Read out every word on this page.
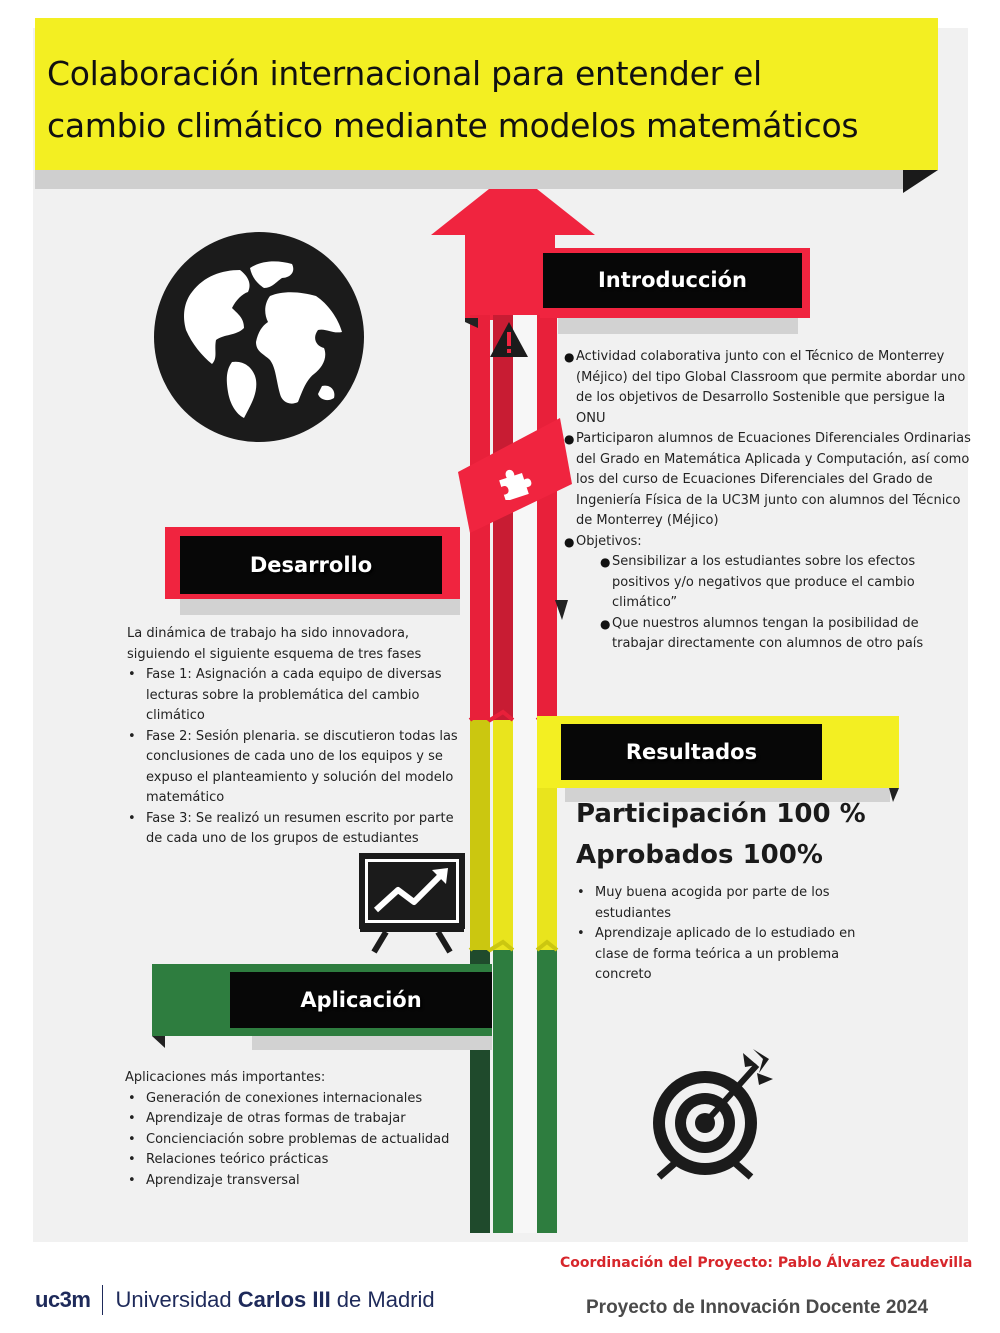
Colaboración internacional para entender el
cambio climático mediante modelos matemáticos
Introducción
Desarrollo
Resultados
Aplicación
● Actividad colaborativa junto con el Técnico de Monterrey (Méjico) del tipo Global Classroom que permite abordar uno de los objetivos de Desarrollo Sostenible que persigue la ONU
● Participaron alumnos de Ecuaciones Diferenciales Ordinarias del Grado en Matemática Aplicada y Computación, así como los del curso de Ecuaciones Diferenciales del Grado de Ingeniería Física de la UC3M junto con alumnos del Técnico de Monterrey (Méjico)
● Objetivos:
● Sensibilizar a los estudiantes sobre los efectos positivos y/o negativos que produce el cambio climático”
● Que nuestros alumnos tengan la posibilidad de trabajar directamente con alumnos de otro país
La dinámica de trabajo ha sido innovadora, siguiendo el siguiente esquema de tres fases
• Fase 1: Asignación a cada equipo de diversas lecturas sobre la problemática del cambio climático
• Fase 2: Sesión plenaria. se discutieron todas las conclusiones de cada uno de los equipos y se expuso el planteamiento y solución del modelo matemático
• Fase 3: Se realizó un resumen escrito por parte de cada uno de los grupos de estudiantes
Participación 100 %
Aprobados 100%
• Muy buena acogida por parte de los estudiantes
• Aprendizaje aplicado de lo estudiado en clase de forma teórica a un problema concreto
Aplicaciones más importantes:
• Generación de conexiones internacionales
• Aprendizaje de otras formas de trabajar
• Concienciación sobre problemas de actualidad
• Relaciones teórico prácticas
• Aprendizaje transversal
Coordinación del Proyecto: Pablo Álvarez Caudevilla
Proyecto de Innovación Docente 2024
uc3m Universidad Carlos III de Madrid
